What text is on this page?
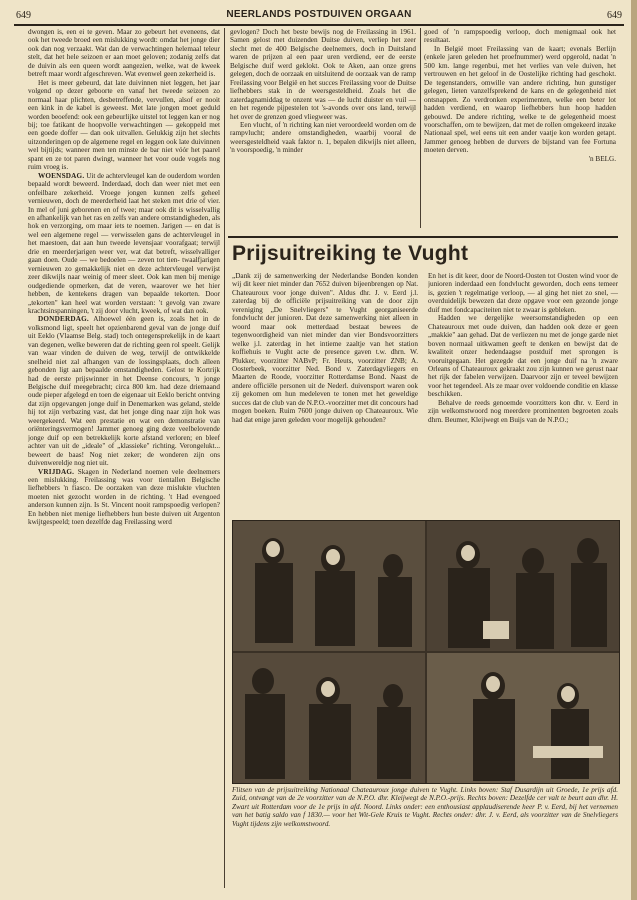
649	NEERLANDS POSTDUIVEN ORGAAN	649

dwongen is, een ei te geven. Maar zo gebeurt het eveneens, dat ook het tweede broed een mislukking wordt: omdat het jonge dier ook dan nog verzaakt. Wat dan de verwachtingen helemaal teleur stelt, dat het hele seizoen er aan moet geloven; zodanig zelfs dat de duivin als een queen wordt aangezien, welke, wat de kweek betreft maar wordt afgeschreven. Wat evenwel geen zekerheid is.

Het is meer gebeurd, dat late duivinnen niet leggen, het jaar volgend op dezer geboorte en vanaf het tweede seizoen zo normaal haar plichten, desbetreffende, vervullen, alsof er nooit een kink in de kabel is geweest. Met late jongen moet geduld worden beoefend: ook een gebeurlijke uitstel tot leggen kan er nog bij; toe fatikant de hoopvolle verwachtingen — gekoppeld met een goede doffer — dan ook uitvallen. Gelukkig zijn het slechts uitzonderingen op de algemene regel en leggen ook late duivinnen wel bijtijds; wanneer men ten minste de bar niet vóór het paarel spant en ze tot paren dwingt, wanneer het voor oude vogels nog ruim vroeg is.

WOENSDAG. Uit de achtervleugel kan de ouderdom worden bepaald wordt beweerd. Inderdaad, doch dan weer niet met een onfeilbare zekerheid. Vroege jongen kunnen zelfs geheel vernieuwen, doch de meerderheid laat het steken met drie of vier. In mel of juni geborenen en of twee; maar ook dit is wisselvallig en afhankelijk van het ras en zelfs van andere omstandigheden, als hok en verzorging, om maar iets te noemen. Jarigen — en dat is wel een algemene regel — verwisselen gans de achtervleugel in het maestoen, dat aan hun tweede levensjaar voorafgaat; terwijl drie en meerderjarigen weer ver, wat dat betreft, wisselvalliger gaan doen. Oude — we bedoelen — zeven tot tien- twaalfjarigen vernieuwen zo gemakkelijk niet en deze achtervleugel verwijst zeer dikwijls naar weinig of meer sleet. Ook kan men bij menige oudgediende opmerken, dat de veren, waarover we het hier hebben, de kentekens dragen van bepaalde tekorten. Door „tekorten" kan heel wat worden verstaan: 't gevolg van zware krachtsinspanningen, 't zij door vlucht, kweek, of wat dan ook.

DONDERDAG. Alhoewel één geen is, zoals het in de volksmond ligt, speelt het opzienbarend geval van de jonge duif uit Eeklo (Vlaamse Belg. stad) toch ontegensprekelijk in de kaart van degenen, welke beweren dat de richting geen rol speelt. Gelijk van waar vinden de duiven de weg, terwijl de ontwikkelde snelheid niet zal afhangen van de lossingsplaats, doch alleen gebonden ligt aan bepaalde omstandigheden. Gelost te Kortrijk had de eerste prijswinner in het Deense concours, 'n jonge Belgische duif meegebracht; circa 800 km. had deze driemaand oude pieper afgelegd en toen de eigenaar uit Eeklo bericht ontving dat zijn opgevangen jonge duif in Denemarken was geland, stelde hij tot zijn verbazing vast, dat het jonge ding naar zijn hok was weergekeerd. Wat een prestatie en wat een demonstratie van oriënteringsvermogen! Jammer genoeg ging deze veelbelovende jonge duif op een betrekkelijk korte afstand verloren; en bleef achter van uit de „ideale" of „klassieke" richting. Verongelukt... beweert de baas! Nog niet zeker; de wonderen zijn ons duivenwereldje nog niet uit.

VRIJDAG. Skagen in Nederland noemen vele deelnemers een mislukking. Freilassing was voor tientallen Belgische liefhebbers 'n fiasco. De oorzaken van deze mislukte vluchten moeten niet gezocht worden in de richting. 't Had evengoed anderson kunnen zijn. Is St. Vincent nooit rampspoedig verlopen? En hebben niet menige liefhebbers hun beste duiven uit Argenton kwijtgespeeld; toen dezelfde dag Freilassing werd

gevlogen? Doch het beste bewijs nog de Freilassing in 1961. Samen gelost met duizenden Duitse duiven, verliep het zeer slecht met de 400 Belgische deelnemers, doch in Duitsland waren de prijzen al een paar uren verdiend, eer de eerste Belgische duif werd geklokt. Ook te Aken, aan onze grens gelegen, doch de oorzaak en uitsluitend de oorzaak van de ramp Freilassing voor België en het succes Freilassing voor de Duitse liefhebbers stak in de weersgesteldheid. Zoals het die zaterdagnamiddag te onzent was — de lucht duister en vuil — en het regende pijpestelen tot 's-avonds over ons land, terwijl het over de grenzen goed vliegweer was.

Een vlucht, of 'n richting kan niet veroordeeld worden om de rampvlucht; andere omstandigheden, waarbij vooral de weersgesteldheid vaak faktor n. 1, bepalen dikwijls niet alleen, 'n voorspoedig, 'n minder

goed of 'n rampspoedig verloop, doch menigmaal ook het resultaat.

In België moet Freilassing van de kaart; evenals Berlijn (enkele jaren geleden het proefnummer) werd opgerold, nadat 'n 500 km. lange regenbui, met het verlies van vele duiven, het vertrouwen en het geloof in de Oostelijke richting had geschokt. De tegenstanders, omwille van andere richting, hun gunstiger gelegen, lieten vanzelfsprekend de kans en de gelegenheid niet ontsnappen. Zo verdronken experimenten, welke een beter lot hadden verdiend, en waarop liefhebbers hun hoop hadden gebouwd. De andere richting, welke te de gelegenheid moest voorschaffen, om te bewijzen, dat met de rollen omgekeerd inzake Nationaal spel, wel eens uit een ander vaatje kon worden getapt. Jammer genoeg hebben de durvers de bijstand van fee Fortuna moeten derven.

'n BELG.

Prijsuitreiking te Vught

„Dank zij de samenwerking der Nederlandse Bonden konden wij dit keer niet minder dan 7652 duiven bijeenbrengen op Nat. Chateauroux voor jonge duiven". Aldus dhr. J. v. Eerd j.l. zaterdag bij de officiële prijsuitreiking van de door zijn vereniging „De Snelvliegers" te Vught georganiseerde fondvlucht der junioren. Dat deze samenwerking niet alleen in woord maar ook metterdaad bestaat bewees de tegenwoordigheid van niet minder dan vier Bondsvoorzitters welke j.l. zaterdag in het intieme zaaltje van het station koffiehuis te Vught acte de presence gaven t.w. dhrn. W. Plukker, voorzitter NABvP; Fr. Heuts, voorzitter ZNB; A. Oosterbeek, voorzitter Ned. Bond v. Zaterdagvliegers en Maarten de Roode, voorzitter Rotterdamse Bond. Naast de andere officiële personen uit de Nederl. duivensport waren ook zij gekomen om hun medeleven te tonen met het geweldige succes dat de club van de N.P.O.-voorzitter met dit concours had mogen boeken. Ruim 7600 jonge duiven op Chateauroux. Wie had dat enige jaren geleden voor mogelijk gehouden?

En het is dit keer, door de Noord-Oosten tot Oosten wind voor de junioren inderdaad een fondvlucht geworden, doch eens temeer is, gezien 't regelmatige verloop, — al ging het niet zo snel, — overduidelijk bewezen dat deze opgave voor een gezonde jonge duif met fondcapaciteiten niet te zwaar is gebleken.

Hadden we dergelijke weersomstandigheden op een Chateauroux met oude duiven, dan hadden ook deze er geen „makkie" aan gehad. Dat de verliezen nu met de jonge garde niet boven normaal uitkwamen geeft te denken en bewijst dat de kwaliteit onzer hedendaagse postduif met sprongen is vooruitgegaan. Het gezegde dat een jonge duif na 'n zware Orleans of Chateauroux gekraakt zou zijn kunnen we gerust naar het rijk der fabelen verwijzen. Daarvoor zijn er teveel bewijzen voor het tegendeel. Als ze maar over voldoende conditie en klasse beschikken.

Behalve de reeds genoemde voorzitters kon dhr. v. Eerd in zijn welkomstwoord nog meerdere prominenten begroeten zoals dhrn. Beumer, Kleijwegt en Buijs van de N.P.O.;

Flitsen van de prijsuitreiking Nationaal Chateauroux jonge duiven te Vught. Links boven: Staf Dusardijn uit Groede, 1e prijs afd. Zuid, ontvangt van de 2e voorzitter van de N.P.O. dhr. Kleijwegt de N.P.O.-prijs. Rechts boven: Dezelfde cer valt te beurt aan dhr. H. Zwart uit Rotterdam voor de 1e prijs in afd. Noord. Links onder: een enthousiast applaudiserende heer P. v. Eerd, bij het vernemen van het batig saldo van f 1830.— voor het Wit-Gele Kruis te Vught. Rechts onder: dhr. J. v. Eerd, als voorzitter van de Snelvliegers Vught tijdens zijn welkomstwoord.
